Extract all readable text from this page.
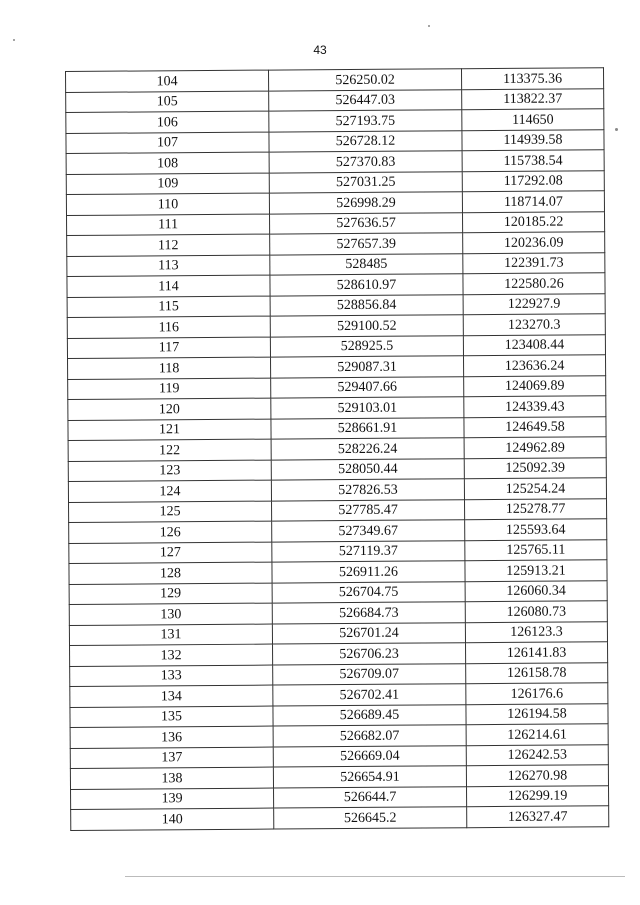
43
104	526250.02	113375.36
105	526447.03	113822.37
106	527193.75	114650
107	526728.12	114939.58
108	527370.83	115738.54
109	527031.25	117292.08
110	526998.29	118714.07
111	527636.57	120185.22
112	527657.39	120236.09
113	528485	122391.73
114	528610.97	122580.26
115	528856.84	122927.9
116	529100.52	123270.3
117	528925.5	123408.44
118	529087.31	123636.24
119	529407.66	124069.89
120	529103.01	124339.43
121	528661.91	124649.58
122	528226.24	124962.89
123	528050.44	125092.39
124	527826.53	125254.24
125	527785.47	125278.77
126	527349.67	125593.64
127	527119.37	125765.11
128	526911.26	125913.21
129	526704.75	126060.34
130	526684.73	126080.73
131	526701.24	126123.3
132	526706.23	126141.83
133	526709.07	126158.78
134	526702.41	126176.6
135	526689.45	126194.58
136	526682.07	126214.61
137	526669.04	126242.53
138	526654.91	126270.98
139	526644.7	126299.19
140	526645.2	126327.47
